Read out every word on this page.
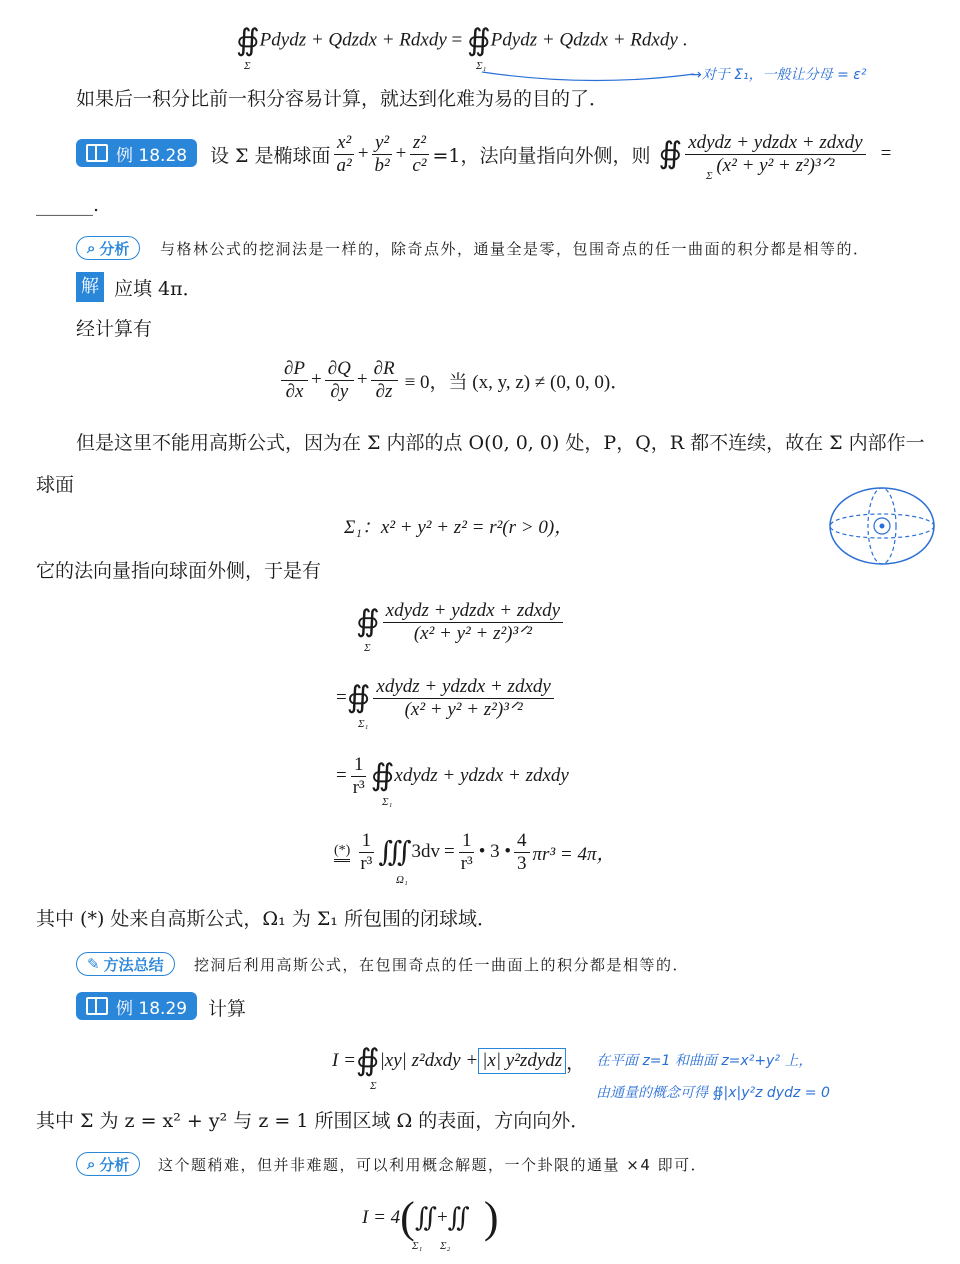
∯Pdydz + Qdzdx + Rdxdy = ∯Pdydz + Qdzdx + Rdxdy .
Σ	Σ₁
→对于 Σ₁，一般让分母 = ε²
如果后一积分比前一积分容易计算，就达到化难为易的目的了．
例 18.28 设 Σ 是椭球面 $\frac{\text{x²}}{\text{a²}} + \frac{\text{y²}}{\text{b²}} + \frac{\text{z²}}{\text{c²}} =1$，法向量指向外侧，则 ∯ $\frac{\text{xdydz + ydzdx + zdxdy}}{\text{(x² + y² + z²)³ᐟ²}}$ =
Σ
______.
⌕ 分析 与格林公式的挖洞法是一样的，除奇点外，通量全是零，包围奇点的任一曲面的积分都是相等的．
解 应填 4π．
经计算有
$\frac{\partial P}{\partial x} + \frac{\partial Q}{\partial y} + \frac{\partial R}{\partial z} \equiv 0$，当 (x, y, z) ≠ (0, 0, 0)．
但是这里不能用高斯公式，因为在 Σ 内部的点 O(0, 0, 0) 处，P，Q，R 都不连续，故在 Σ 内部作一
球面
Σ₁：x² + y² + z² = r²(r > 0)，
它的法向量指向球面外侧，于是有
∯ $\frac{\text{xdydz + ydzdx + zdxdy}}{\text{(x² + y² + z²)³ᐟ²}}$
Σ
= ∯ $\frac{\text{xdydz + ydzdx + zdxdy}}{\text{(x² + y² + z²)³ᐟ²}}$
Σ₁
= $\frac{1}{\text{r³}}$ ∯ xdydz + ydzdx + zdxdy
Σ₁
(*) $\frac{1}{\text{r³}}$ ∭ $3dv = \frac{1}{\text{r³}}$ • 3 • $\frac{4}{3} \pi r^3 = 4\pi$，
Ω₁
其中 (*) 处来自高斯公式，Ω₁ 为 Σ₁ 所包围的闭球域．
✎ 方法总结 挖洞后利用高斯公式，在包围奇点的任一曲面上的积分都是相等的．
例 18.29 计算
I = ∯ |xy| z²dxdy + |x| y²zdydz ，
Σ
在平面 z=1 和曲面 z=x²+y² 上，
由通量的概念可得 ∯|x|y²z dydz = 0
其中 Σ 为 z = x² + y² 与 z = 1 所围区域 Ω 的表面，方向向外．
⌕ 分析 这个题稍难，但并非难题，可以利用概念解题，一个卦限的通量 ×4 即可．
I = 4 ( ∬ + ∬ )
Σ₁ Σ₂
